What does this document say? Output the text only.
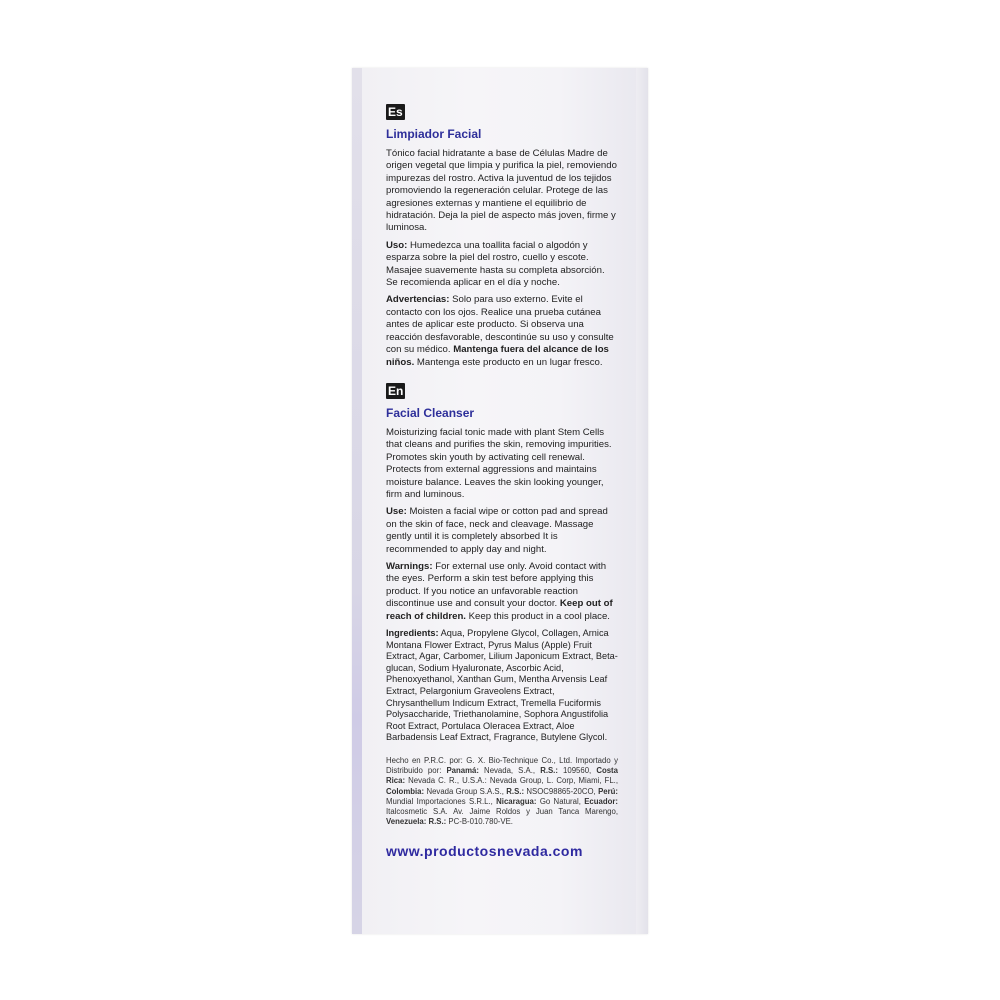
Es
Limpiador Facial

Tónico facial hidratante a base de Células Madre de origen vegetal que limpia y purifica la piel, removiendo impurezas del rostro. Activa la juventud de los tejidos promoviendo la regeneración celular. Protege de las agresiones externas y mantiene el equilibrio de hidratación. Deja la piel de aspecto más joven, firme y luminosa.

Uso: Humedezca una toallita facial o algodón y esparza sobre la piel del rostro, cuello y escote. Masajee suavemente hasta su completa absorción. Se recomienda aplicar en el día y noche.

Advertencias: Solo para uso externo. Evite el contacto con los ojos. Realice una prueba cutánea antes de aplicar este producto. Si observa una reacción desfavorable, descontinúe su uso y consulte con su médico. Mantenga fuera del alcance de los niños. Mantenga este producto en un lugar fresco.

En
Facial Cleanser

Moisturizing facial tonic made with plant Stem Cells that cleans and purifies the skin, removing impurities. Promotes skin youth by activating cell renewal. Protects from external aggressions and maintains moisture balance. Leaves the skin looking younger, firm and luminous.

Use: Moisten a facial wipe or cotton pad and spread on the skin of face, neck and cleavage. Massage gently until it is completely absorbed It is recommended to apply day and night.

Warnings: For external use only. Avoid contact with the eyes. Perform a skin test before applying this product. If you notice an unfavorable reaction discontinue use and consult your doctor. Keep out of reach of children. Keep this product in a cool place.

Ingredients: Aqua, Propylene Glycol, Collagen, Arnica Montana Flower Extract, Pyrus Malus (Apple) Fruit Extract, Agar, Carbomer, Lilium Japonicum Extract, Beta-glucan, Sodium Hyaluronate, Ascorbic Acid, Phenoxyethanol, Xanthan Gum, Mentha Arvensis Leaf Extract, Pelargonium Graveolens Extract, Chrysanthellum Indicum Extract, Tremella Fuciformis Polysaccharide, Triethanolamine, Sophora Angustifolia Root Extract, Portulaca Oleracea Extract, Aloe Barbadensis Leaf Extract, Fragrance, Butylene Glycol.

Hecho en P.R.C. por: G. X. Bio-Technique Co., Ltd. Importado y Distribuido por: Panamá: Nevada, S.A., R.S.: 109560, Costa Rica: Nevada C. R., U.S.A.: Nevada Group, L. Corp, Miami, FL., Colombia: Nevada Group S.A.S., R.S.: NSOC98865-20CO, Perú: Mundial Importaciones S.R.L., Nicaragua: Go Natural, Ecuador: Italcosmetic S.A. Av. Jaime Roldos y Juan Tanca Marengo, Venezuela: R.S.: PC-B-010.780-VE.
www.productosnevada.com
